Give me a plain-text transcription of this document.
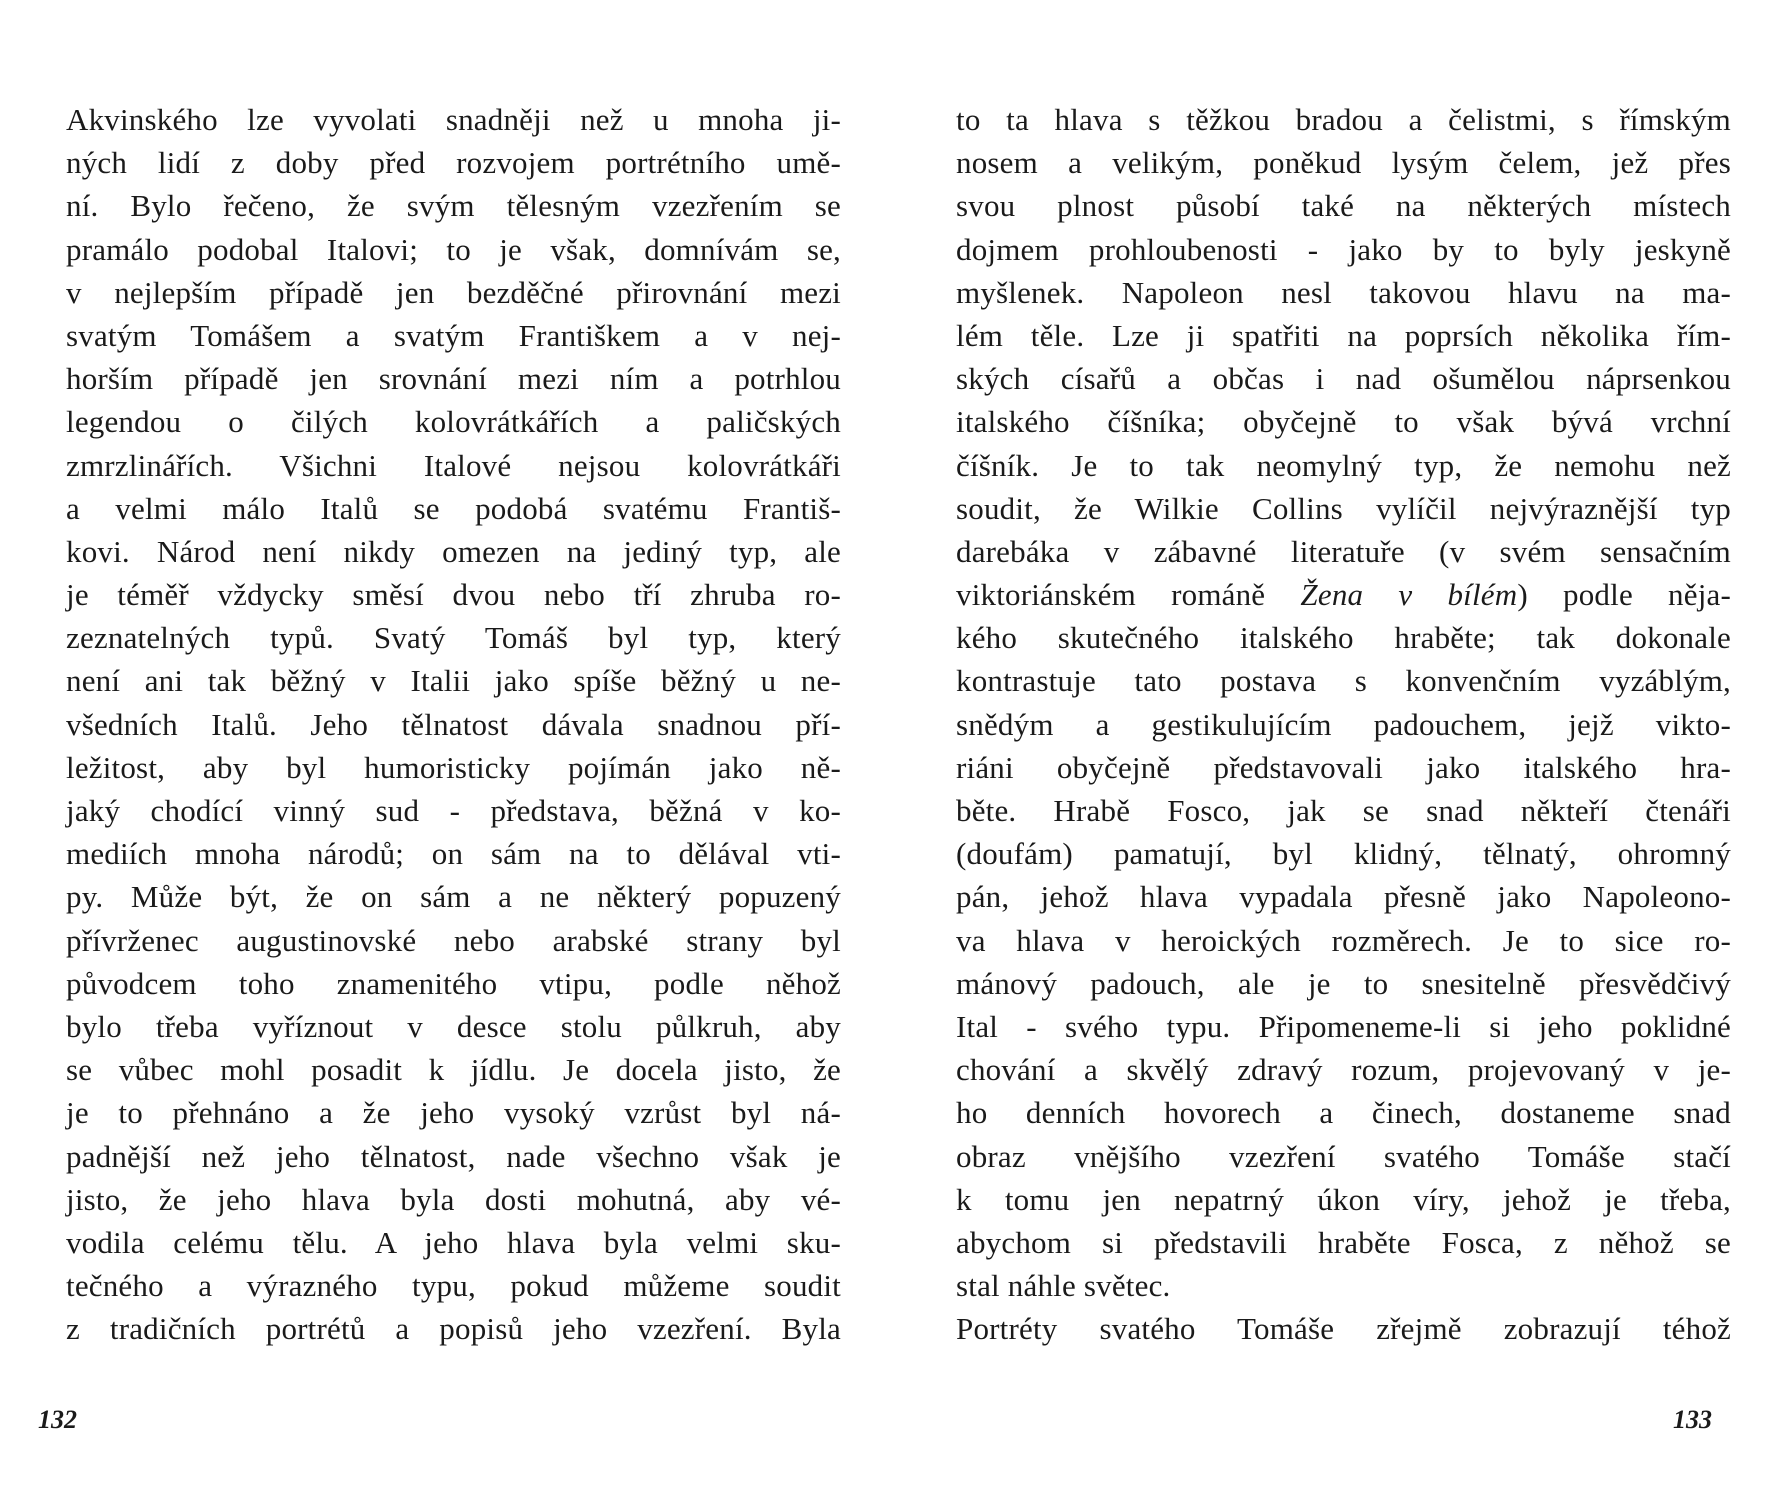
Akvinského lze vyvolati snadněji než u mnoha ji-
ných lidí z doby před rozvojem portrétního umě-
ní. Bylo řečeno, že svým tělesným vzezřením se
pramálo podobal Italovi; to je však, domnívám se,
v nejlepším případě jen bezděčné přirovnání mezi
svatým Tomášem a svatým Františkem a v nej-
horším případě jen srovnání mezi ním a potrhlou
legendou o čilých kolovrátkářích a paličských
zmrzlinářích. Všichni Italové nejsou kolovrátkáři
a velmi málo Italů se podobá svatému Františ-
kovi. Národ není nikdy omezen na jediný typ, ale
je téměř vždycky směsí dvou nebo tří zhruba ro-
zeznatelných typů. Svatý Tomáš byl typ, který
není ani tak běžný v Italii jako spíše běžný u ne-
všedních Italů. Jeho tělnatost dávala snadnou pří-
ležitost, aby byl humoristicky pojímán jako ně-
jaký chodící vinný sud - představa, běžná v ko-
mediích mnoha národů; on sám na to dělával vti-
py. Může být, že on sám a ne některý popuzený
přívrženec augustinovské nebo arabské strany byl
původcem toho znamenitého vtipu, podle něhož
bylo třeba vyříznout v desce stolu půlkruh, aby
se vůbec mohl posadit k jídlu. Je docela jisto, že
je to přehnáno a že jeho vysoký vzrůst byl ná-
padnější než jeho tělnatost, nade všechno však je
jisto, že jeho hlava byla dosti mohutná, aby vé-
vodila celému tělu. A jeho hlava byla velmi sku-
tečného a výrazného typu, pokud můžeme soudit
z tradičních portrétů a popisů jeho vzezření. Byla
132
to ta hlava s těžkou bradou a čelistmi, s římským
nosem a velikým, poněkud lysým čelem, jež přes
svou plnost působí také na některých místech
dojmem prohloubenosti - jako by to byly jeskyně
myšlenek. Napoleon nesl takovou hlavu na ma-
lém těle. Lze ji spatřiti na poprsích několika řím-
ských císařů a občas i nad ošumělou náprsenkou
italského číšníka; obyčejně to však bývá vrchní
číšník. Je to tak neomylný typ, že nemohu než
soudit, že Wilkie Collins vylíčil nejvýraznější typ
darebáka v zábavné literatuře (v svém sensačním
viktoriánském románě Žena v bílém) podle něja-
kého skutečného italského hraběte; tak dokonale
kontrastuje tato postava s konvenčním vyzáblým,
snědým a gestikulujícím padouchem, jejž vikto-
riáni obyčejně představovali jako italského hra-
běte. Hrabě Fosco, jak se snad někteří čtenáři
(doufám) pamatují, byl klidný, tělnatý, ohromný
pán, jehož hlava vypadala přesně jako Napoleono-
va hlava v heroických rozměrech. Je to sice ro-
mánový padouch, ale je to snesitelně přesvědčivý
Ital - svého typu. Připomeneme-li si jeho poklidné
chování a skvělý zdravý rozum, projevovaný v je-
ho denních hovorech a činech, dostaneme snad
obraz vnějšího vzezření svatého Tomáše stačí
k tomu jen nepatrný úkon víry, jehož je třeba,
abychom si představili hraběte Fosca, z něhož se
stal náhle světec.
Portréty svatého Tomáše zřejmě zobrazují téhož
133
